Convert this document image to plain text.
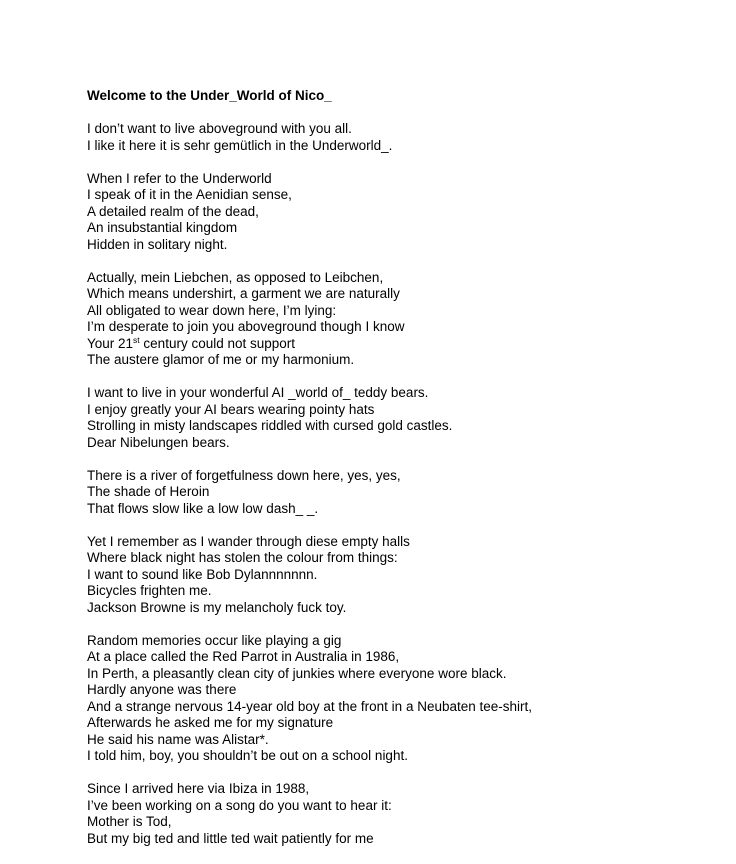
Welcome to the Under_World of Nico_
I don’t want to live aboveground with you all.
I like it here it is sehr gemütlich in the Underworld_.
When I refer to the Underworld
I speak of it in the Aenidian sense,
A detailed realm of the dead,
An insubstantial kingdom
Hidden in solitary night.
Actually, mein Liebchen, as opposed to Leibchen,
Which means undershirt, a garment we are naturally
All obligated to wear down here, I’m lying:
I’m desperate to join you aboveground though I know
Your 21st century could not support
The austere glamor of me or my harmonium.
I want to live in your wonderful AI _world of_ teddy bears.
I enjoy greatly your AI bears wearing pointy hats
Strolling in misty landscapes riddled with cursed gold castles.
Dear Nibelungen bears.
There is a river of forgetfulness down here, yes, yes,
The shade of Heroin
That flows slow like a low low dash_ _.
Yet I remember as I wander through diese empty halls
Where black night has stolen the colour from things:
I want to sound like Bob Dylannnnnnn.
Bicycles frighten me.
Jackson Browne is my melancholy fuck toy.
Random memories occur like playing a gig
At a place called the Red Parrot in Australia in 1986,
In Perth, a pleasantly clean city of junkies where everyone wore black.
Hardly anyone was there
And a strange nervous 14-year old boy at the front in a Neubaten tee-shirt,
Afterwards he asked me for my signature
He said his name was Alistar*.
I told him, boy, you shouldn’t be out on a school night.
Since I arrived here via Ibiza in 1988,
I’ve been working on a song do you want to hear it:
Mother is Tod,
But my big ted and little ted wait patiently for me
